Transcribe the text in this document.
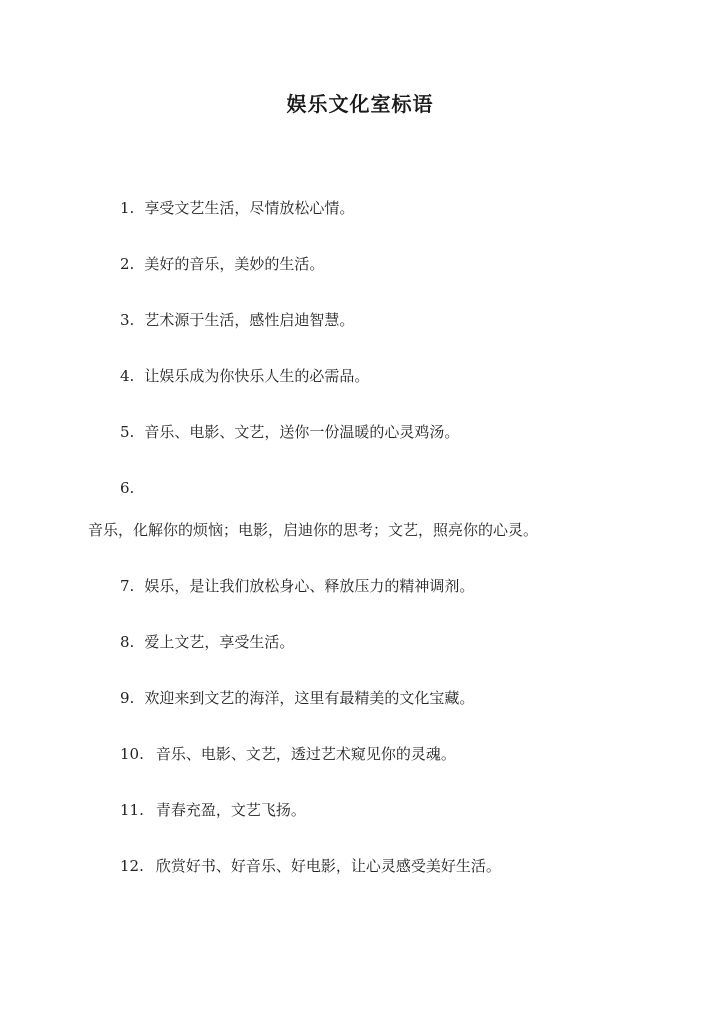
娱乐文化室标语
1. 享受文艺生活，尽情放松心情。
2. 美好的音乐，美妙的生活。
3. 艺术源于生活，感性启迪智慧。
4. 让娱乐成为你快乐人生的必需品。
5. 音乐、电影、文艺，送你一份温暖的心灵鸡汤。
6.
音乐，化解你的烦恼；电影，启迪你的思考；文艺，照亮你的心灵。
7. 娱乐，是让我们放松身心、释放压力的精神调剂。
8. 爱上文艺，享受生活。
9. 欢迎来到文艺的海洋，这里有最精美的文化宝藏。
10. 音乐、电影、文艺，透过艺术窥见你的灵魂。
11. 青春充盈，文艺飞扬。
12. 欣赏好书、好音乐、好电影，让心灵感受美好生活。
